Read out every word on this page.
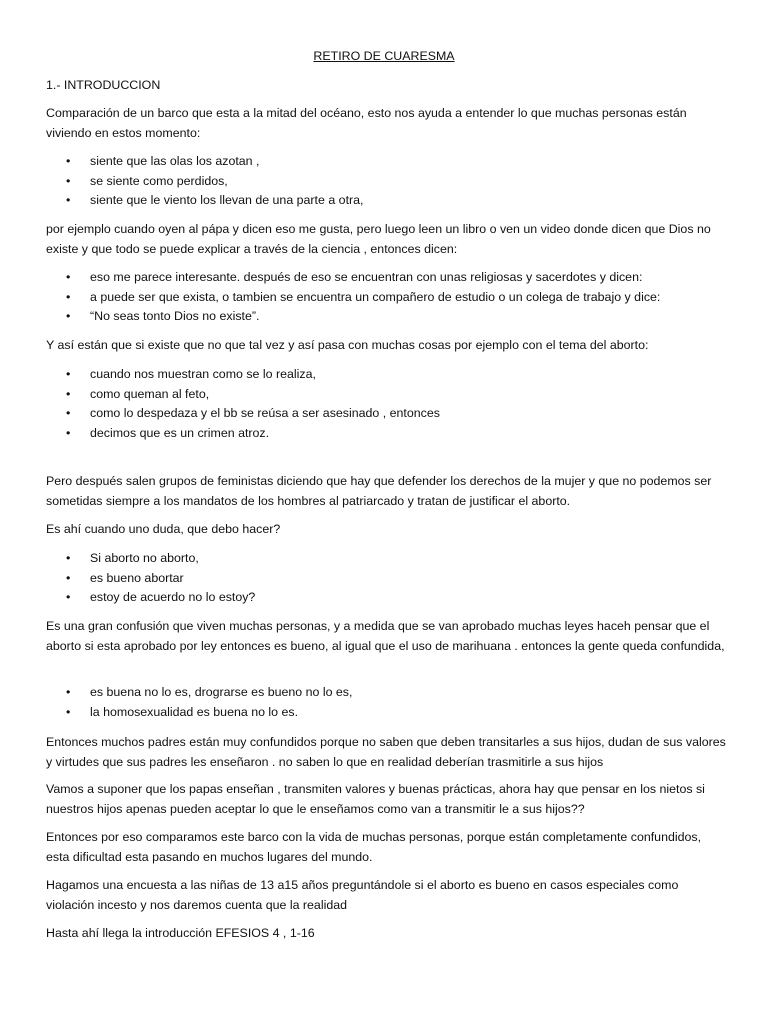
RETIRO DE CUARESMA
1.- INTRODUCCION

Comparación de un barco que esta a la mitad del océano, esto nos ayuda a entender lo que muchas personas están viviendo en estos momento:

• siente que las olas los azotan ,
• se siente como perdidos,
• siente que le viento los llevan de una parte a otra,

por ejemplo cuando oyen al pápa y dicen eso me gusta, pero luego leen un libro o ven un video donde dicen que Dios no existe y que todo se puede explicar a través de la ciencia , entonces dicen:

• eso me parece interesante. después de eso se encuentran con unas religiosas y sacerdotes y dicen:
• a puede ser que exista, o tambien se encuentra un compañero de estudio o un colega de trabajo y dice:
• “No seas tonto Dios no existe”.

Y así están que si existe que no que tal vez y así pasa con muchas cosas por ejemplo con el tema del aborto:

• cuando nos muestran como se lo realiza,
• como queman al feto,
• como lo despedaza y el bb se reúsa a ser asesinado , entonces
• decimos que es un crimen atroz.

Pero después salen grupos de feministas diciendo que hay que defender los derechos de la mujer y que no podemos ser sometidas siempre a los mandatos de los hombres al patriarcado y tratan de justificar el aborto.

Es ahí cuando uno duda, que debo hacer?

• Si aborto no aborto,
• es bueno abortar
• estoy de acuerdo no lo estoy?

Es una gran confusión que viven muchas personas, y a medida que se van aprobado muchas leyes haceh pensar que el aborto si esta aprobado por ley entonces es bueno, al igual que el uso de marihuana . entonces la gente queda confundida,

• es buena no lo es, drograrse es bueno no lo es,
• la homosexualidad es buena no lo es.

Entonces muchos padres están muy confundidos porque no saben que deben transitarles a sus hijos, dudan de sus valores y virtudes que sus padres les enseñaron . no saben lo que en realidad deberían trasmitirle a sus hijos

Vamos a suponer que los papas enseñan , transmiten valores y buenas prácticas, ahora hay que pensar en los nietos si nuestros hijos apenas pueden aceptar lo que le enseñamos como van a transmitir le a sus hijos??

Entonces por eso comparamos este barco con la vida de muchas personas, porque están completamente confundidos, esta dificultad esta pasando en muchos lugares del mundo.

Hagamos una encuesta a las niñas de 13 a15 años preguntándole si el aborto es bueno en casos especiales como violación incesto y nos daremos cuenta que la realidad

Hasta ahí llega la introducción EFESIOS 4 , 1-16
